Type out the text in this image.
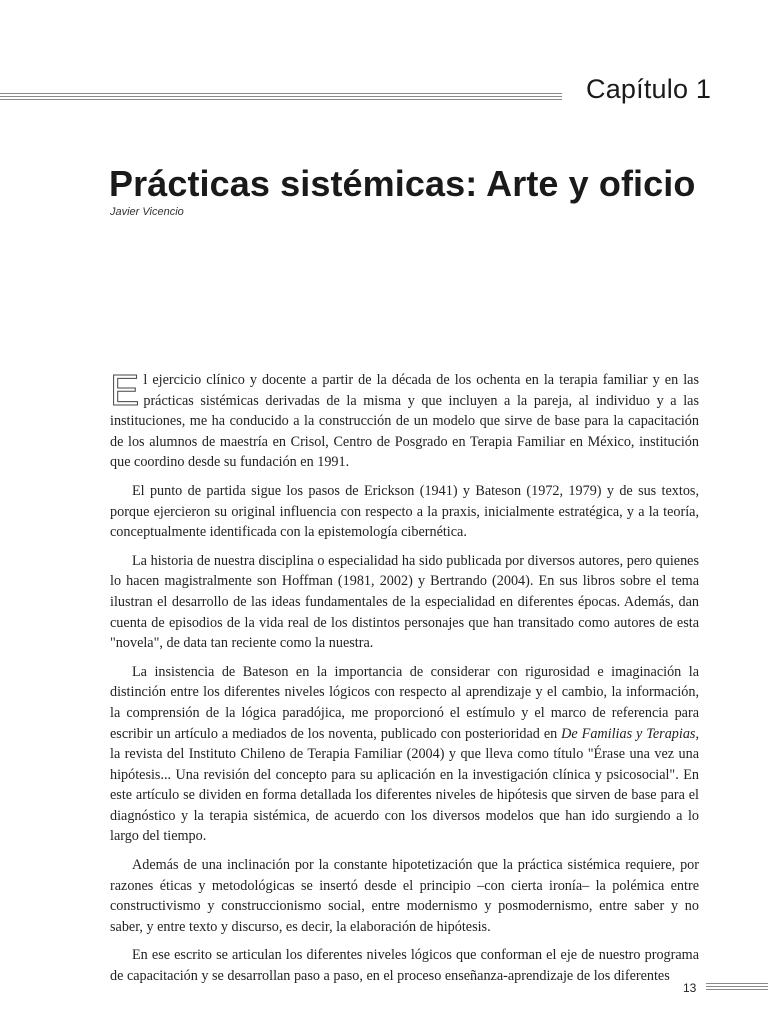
Capítulo 1
Prácticas sistémicas: Arte y oficio
Javier Vicencio

El ejercicio clínico y docente a partir de la década de los ochenta en la terapia familiar y en las prácticas sistémicas derivadas de la misma y que incluyen a la pareja, al individuo y a las instituciones, me ha conducido a la construcción de un modelo que sirve de base para la capacitación de los alumnos de maestría en Crisol, Centro de Posgrado en Terapia Familiar en México, institución que coordino desde su fundación en 1991.

El punto de partida sigue los pasos de Erickson (1941) y Bateson (1972, 1979) y de sus textos, porque ejercieron su original influencia con respecto a la praxis, inicialmente estratégica, y a la teoría, conceptualmente identificada con la epistemología cibernética.

La historia de nuestra disciplina o especialidad ha sido publicada por diversos autores, pero quienes lo hacen magistralmente son Hoffman (1981, 2002) y Bertrando (2004). En sus libros sobre el tema ilustran el desarrollo de las ideas fundamentales de la especialidad en diferentes épocas. Además, dan cuenta de episodios de la vida real de los distintos personajes que han transitado como autores de esta "novela", de data tan reciente como la nuestra.

La insistencia de Bateson en la importancia de considerar con rigurosidad e imaginación la distinción entre los diferentes niveles lógicos con respecto al aprendizaje y el cambio, la información, la comprensión de la lógica paradójica, me proporcionó el estímulo y el marco de referencia para escribir un artículo a mediados de los noventa, publicado con posterioridad en De Familias y Terapias, la revista del Instituto Chileno de Terapia Familiar (2004) y que lleva como título "Érase una vez una hipótesis... Una revisión del concepto para su aplicación en la investigación clínica y psicosocial". En este artículo se dividen en forma detallada los diferentes niveles de hipótesis que sirven de base para el diagnóstico y la terapia sistémica, de acuerdo con los diversos modelos que han ido surgiendo a lo largo del tiempo.

Además de una inclinación por la constante hipotetización que la práctica sistémica requiere, por razones éticas y metodológicas se insertó desde el principio –con cierta ironía– la polémica entre constructivismo y construccionismo social, entre modernismo y posmodernismo, entre saber y no saber, y entre texto y discurso, es decir, la elaboración de hipótesis.

En ese escrito se articulan los diferentes niveles lógicos que conforman el eje de nuestro programa de capacitación y se desarrollan paso a paso, en el proceso enseñanza-aprendizaje de los diferentes

13
